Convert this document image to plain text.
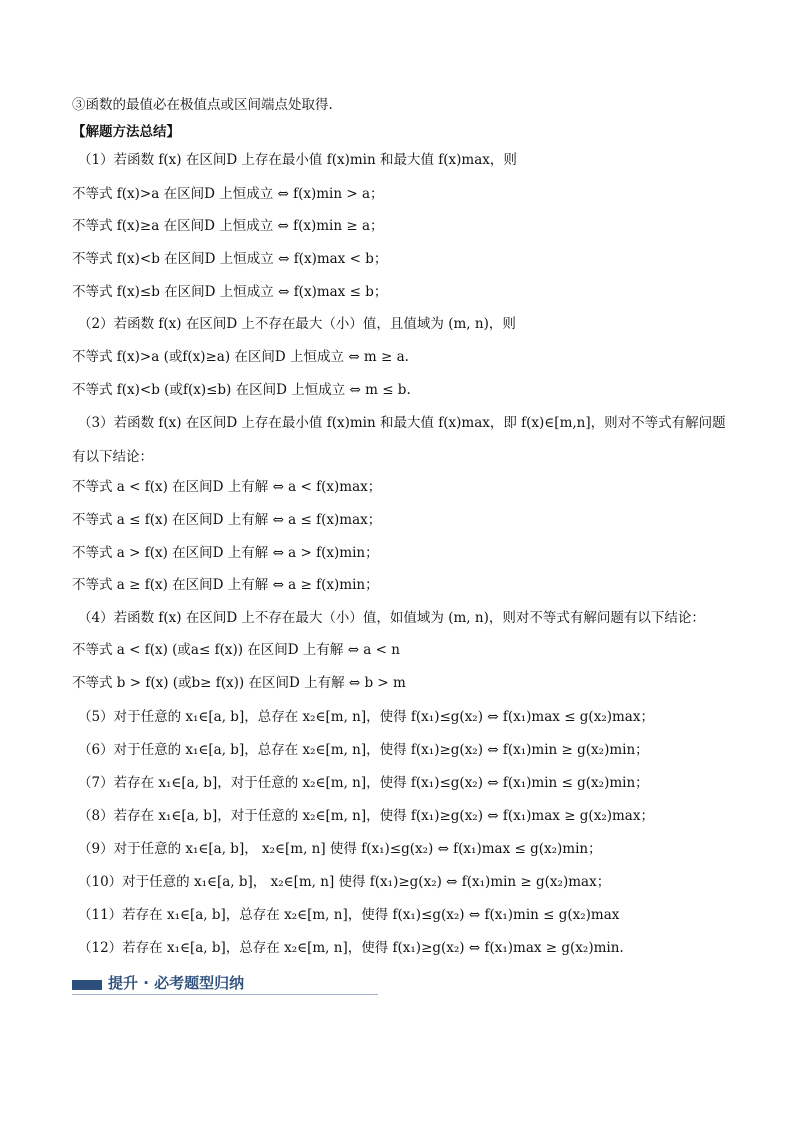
③函数的最值必在极值点或区间端点处取得.
【解题方法总结】
（1）若函数 f(x) 在区间D 上存在最小值 f(x)min 和最大值 f(x)max，则
不等式 f(x)>a 在区间D 上恒成立 ⇔ f(x)min > a；
不等式 f(x)≥a 在区间D 上恒成立 ⇔ f(x)min ≥ a；
不等式 f(x)<b 在区间D 上恒成立 ⇔ f(x)max < b；
不等式 f(x)≤b 在区间D 上恒成立 ⇔ f(x)max ≤ b；
（2）若函数 f(x) 在区间D 上不存在最大（小）值，且值域为 (m, n)，则
不等式 f(x)>a (或f(x)≥a) 在区间D 上恒成立 ⇔ m ≥ a.
不等式 f(x)<b (或f(x)≤b) 在区间D 上恒成立 ⇔ m ≤ b.
（3）若函数 f(x) 在区间D 上存在最小值 f(x)min 和最大值 f(x)max，即 f(x)∈[m,n]，则对不等式有解问题
有以下结论：
不等式 a < f(x) 在区间D 上有解 ⇔ a < f(x)max；
不等式 a ≤ f(x) 在区间D 上有解 ⇔ a ≤ f(x)max；
不等式 a > f(x) 在区间D 上有解 ⇔ a > f(x)min；
不等式 a ≥ f(x) 在区间D 上有解 ⇔ a ≥ f(x)min；
（4）若函数 f(x) 在区间D 上不存在最大（小）值，如值域为 (m, n)，则对不等式有解问题有以下结论：
不等式 a < f(x) (或a≤ f(x)) 在区间D 上有解 ⇔ a < n
不等式 b > f(x) (或b≥ f(x)) 在区间D 上有解 ⇔ b > m
（5）对于任意的 x₁∈[a, b]，总存在 x₂∈[m, n]，使得 f(x₁)≤g(x₂) ⇔ f(x₁)max ≤ g(x₂)max；
（6）对于任意的 x₁∈[a, b]，总存在 x₂∈[m, n]，使得 f(x₁)≥g(x₂) ⇔ f(x₁)min ≥ g(x₂)min；
（7）若存在 x₁∈[a, b]，对于任意的 x₂∈[m, n]，使得 f(x₁)≤g(x₂) ⇔ f(x₁)min ≤ g(x₂)min；
（8）若存在 x₁∈[a, b]，对于任意的 x₂∈[m, n]，使得 f(x₁)≥g(x₂) ⇔ f(x₁)max ≥ g(x₂)max；
（9）对于任意的 x₁∈[a, b]， x₂∈[m, n] 使得 f(x₁)≤g(x₂) ⇔ f(x₁)max ≤ g(x₂)min；
（10）对于任意的 x₁∈[a, b]， x₂∈[m, n] 使得 f(x₁)≥g(x₂) ⇔ f(x₁)min ≥ g(x₂)max；
（11）若存在 x₁∈[a, b]，总存在 x₂∈[m, n]，使得 f(x₁)≤g(x₂) ⇔ f(x₁)min ≤ g(x₂)max
（12）若存在 x₁∈[a, b]，总存在 x₂∈[m, n]，使得 f(x₁)≥g(x₂) ⇔ f(x₁)max ≥ g(x₂)min.
提升 · 必考题型归纳
